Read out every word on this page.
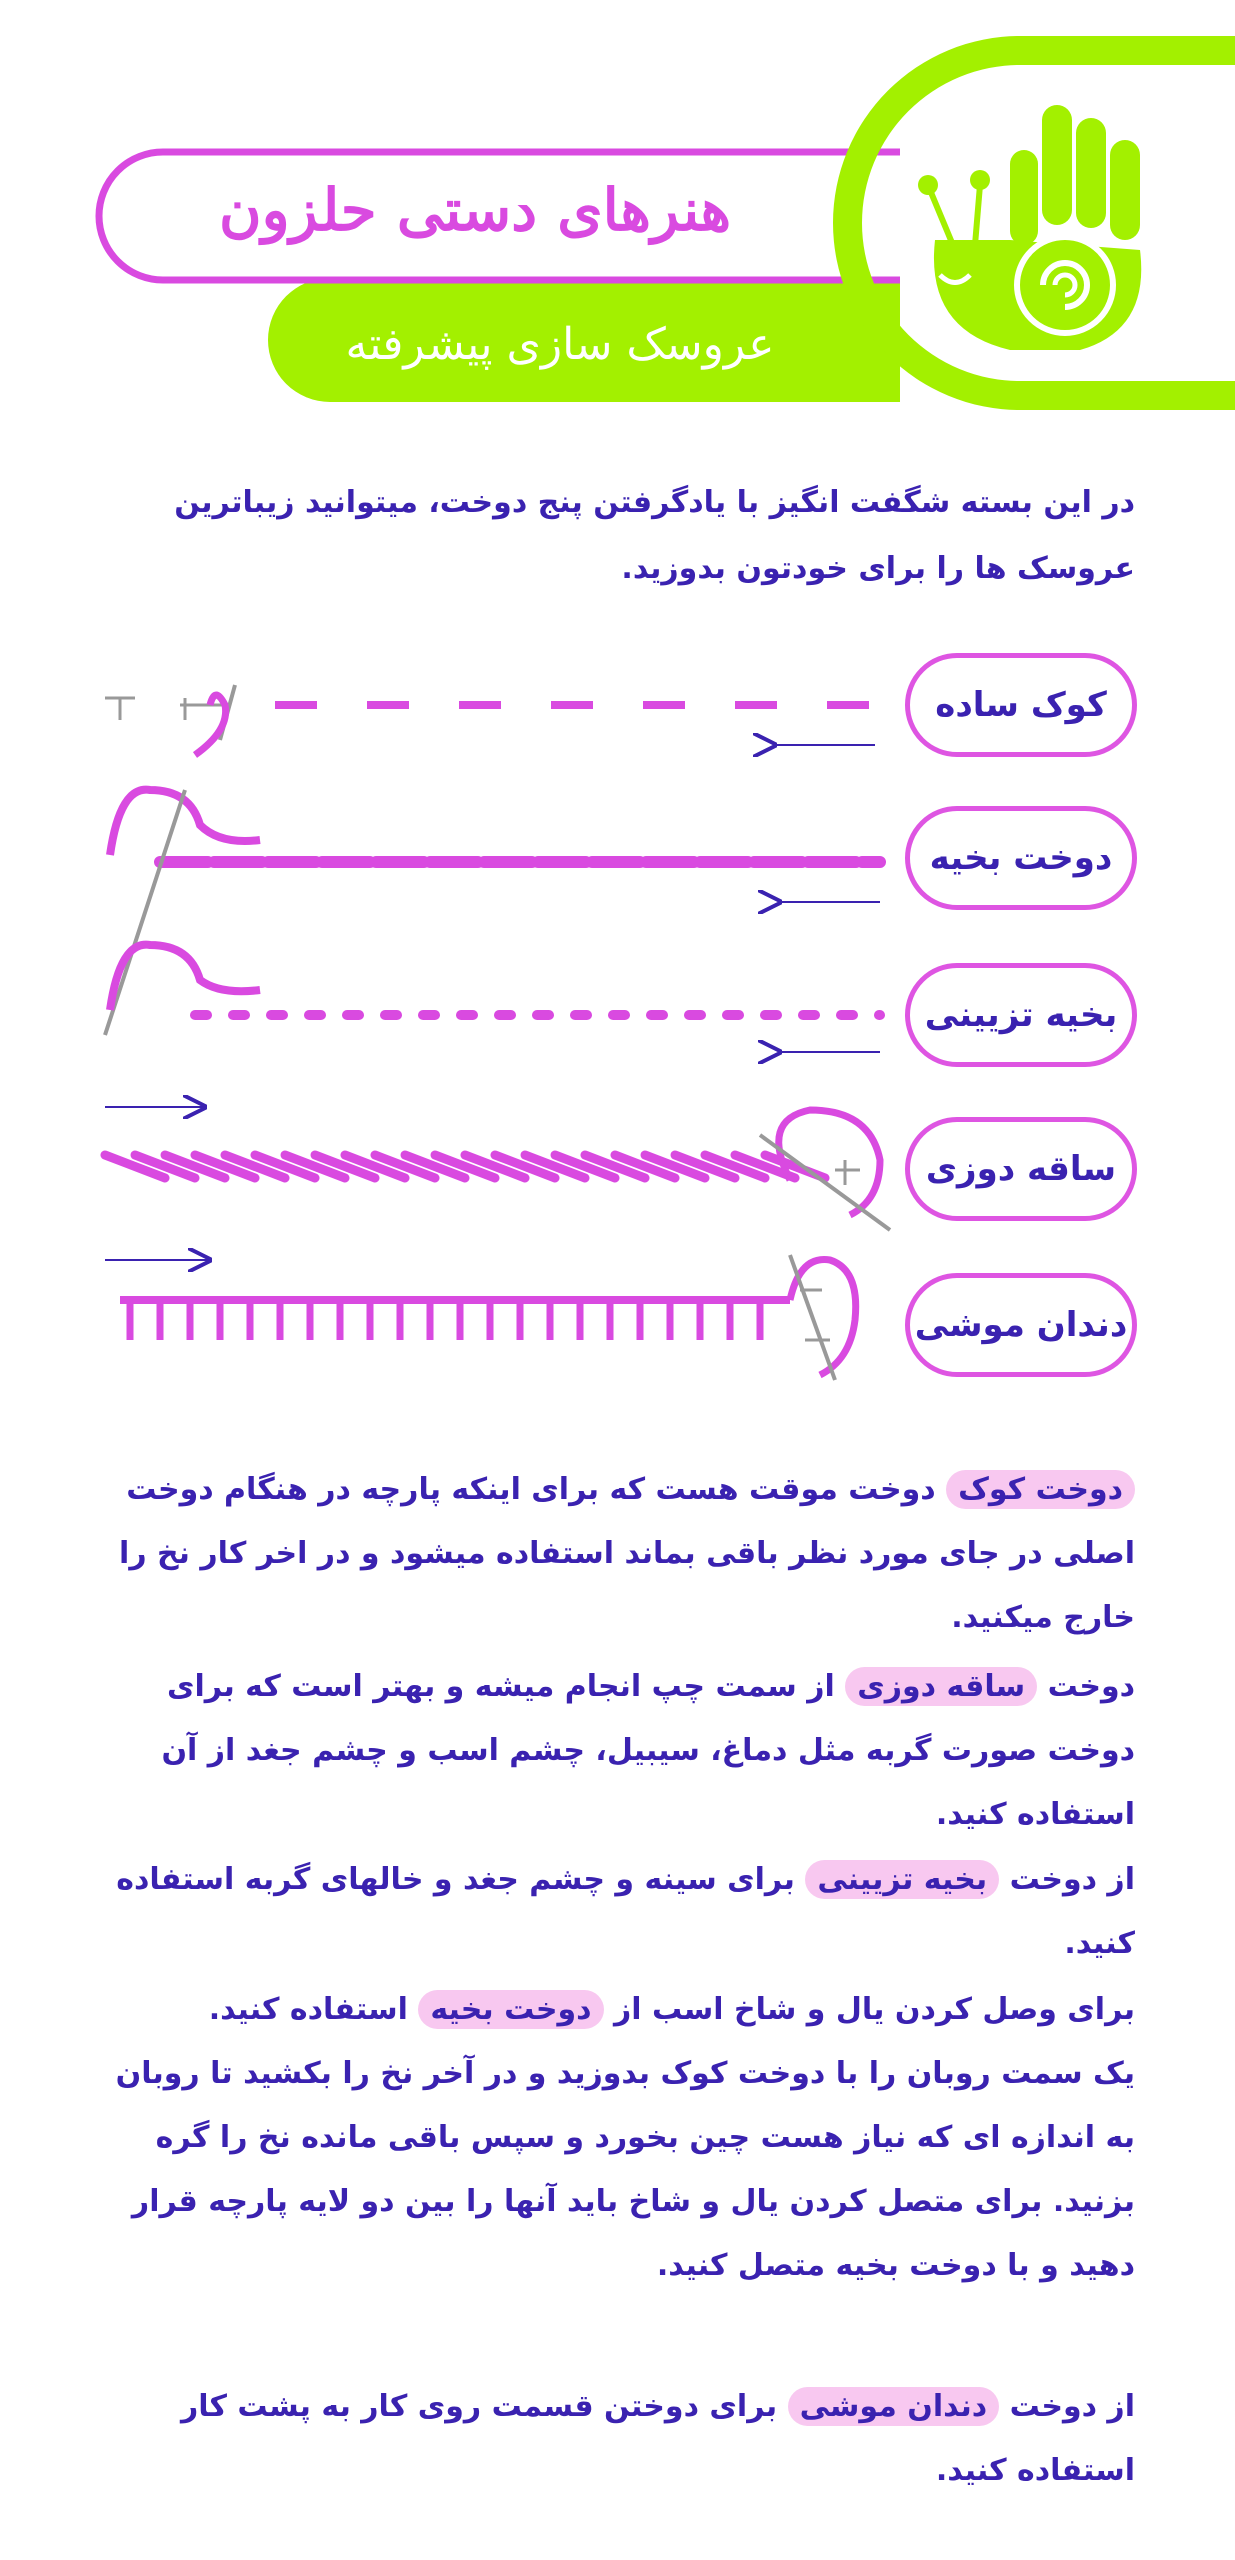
هنرهای دستی حلزون
عروسک سازی پیشرفته
در این بسته شگفت انگیز با یادگرفتن پنج دوخت، میتوانید زیباترین عروسک ها را برای خودتون بدوزید.
کوک ساده
دوخت بخیه
بخیه تزیینی
ساقه دوزی
دندان موشی
دوخت کوک دوخت موقت هست که برای اینکه پارچه در هنگام دوخت اصلی در جای مورد نظر باقی بماند استفاده میشود و در اخر کار نخ را خارج میکنید.
دوخت ساقه دوزی از سمت چپ انجام میشه و بهتر است که برای دوخت صورت گربه مثل دماغ، سیبیل، چشم اسب و چشم جغد از آن استفاده کنید.
از دوخت بخیه تزیینی برای سینه و چشم جغد و خالهای گربه استفاده کنید.
برای وصل کردن یال و شاخ اسب از دوخت بخیه استفاده کنید.
یک سمت روبان را با دوخت کوک بدوزید و در آخر نخ را بکشید تا روبان به اندازه ای که نیاز هست چین بخورد و سپس باقی مانده نخ را گره بزنید. برای متصل کردن یال و شاخ باید آنها را بین دو لایه پارچه قرار دهید و با دوخت بخیه متصل کنید.
از دوخت دندان موشی برای دوختن قسمت روی کار به پشت کار استفاده کنید.
